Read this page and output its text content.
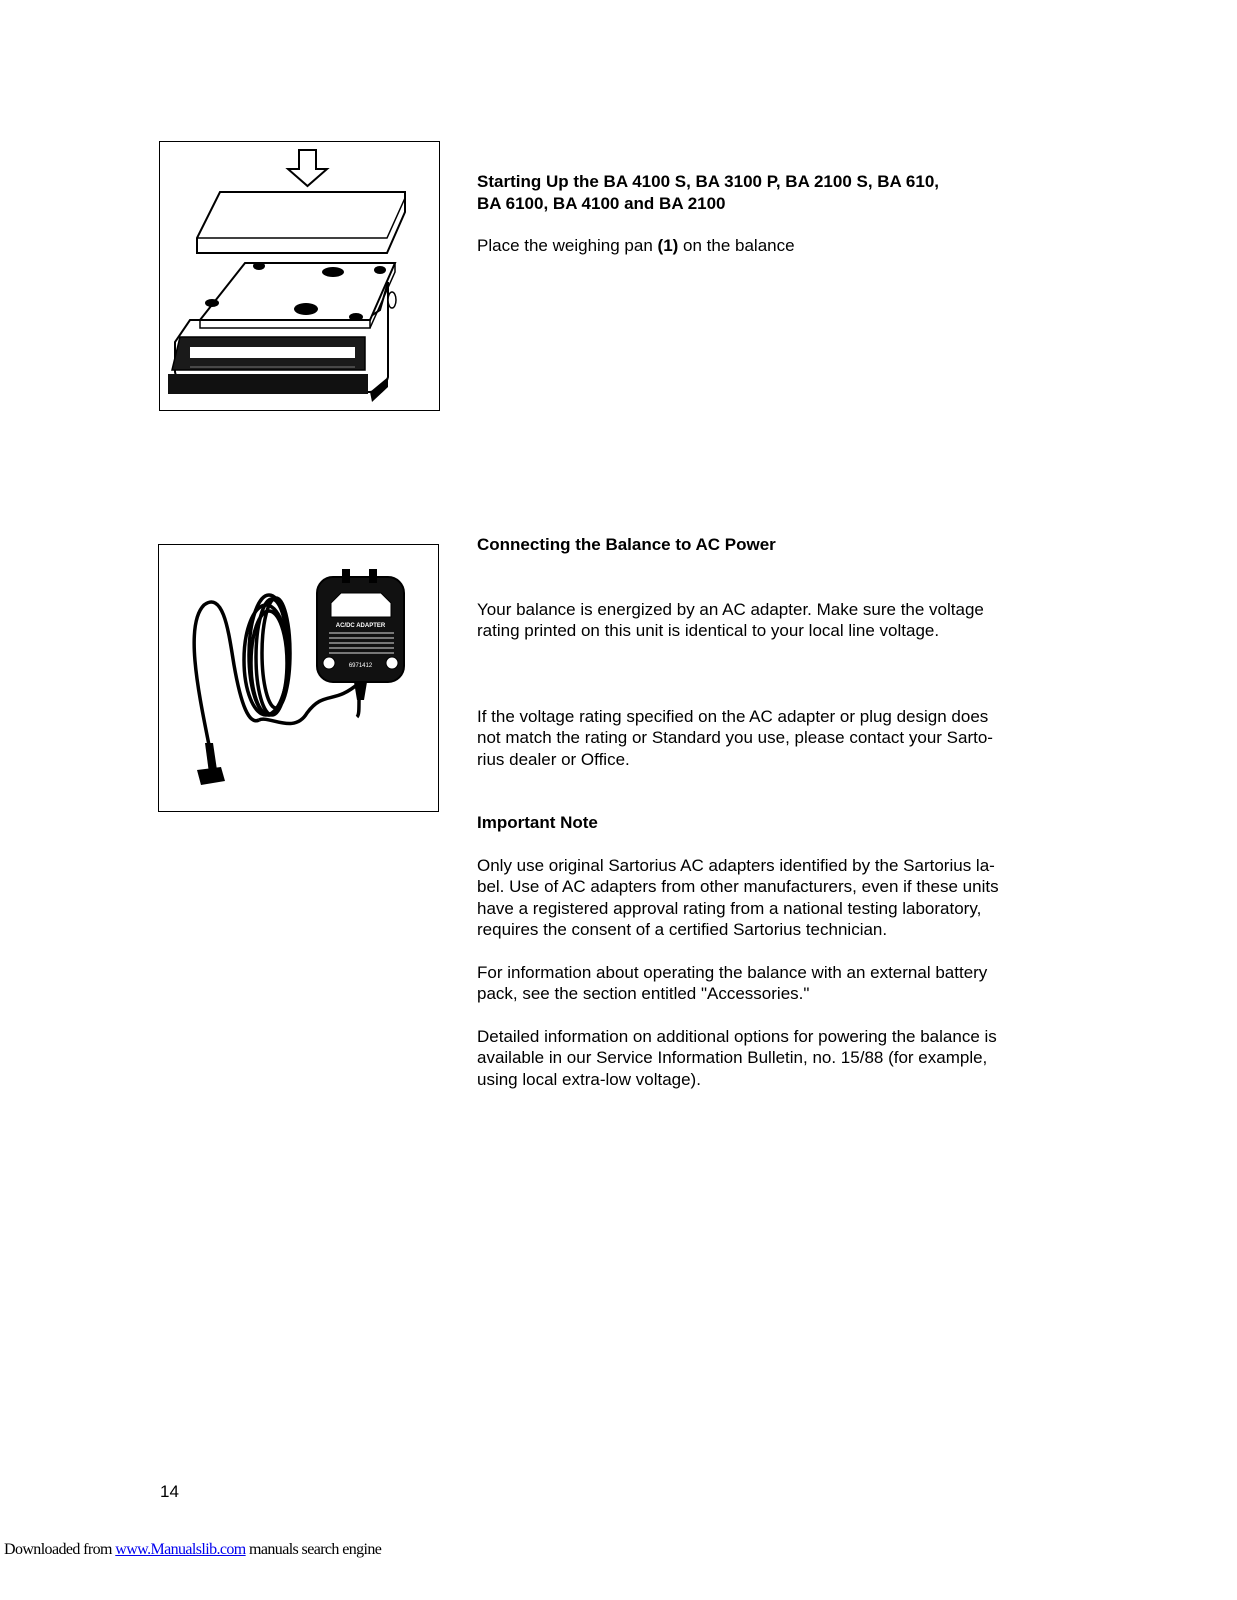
Starting Up the BA 4100 S, BA 3100 P, BA 2100 S, BA 610,
BA 6100, BA 4100 and BA 2100

Place the weighing pan (1) on the balance

AC/DC ADAPTER
6971412

Connecting the Balance to AC Power

Your balance is energized by an AC adapter. Make sure the voltage
rating printed on this unit is identical to your local line voltage.

If the voltage rating specified on the AC adapter or plug design does
not match the rating or Standard you use, please contact your Sarto-
rius dealer or Office.

Important Note

Only use original Sartorius AC adapters identified by the Sartorius la-
bel. Use of AC adapters from other manufacturers, even if these units
have a registered approval rating from a national testing laboratory,
requires the consent of a certified Sartorius technician.

For information about operating the balance with an external battery
pack, see the section entitled "Accessories."

Detailed information on additional options for powering the balance is
available in our Service Information Bulletin, no. 15/88 (for example,
using local extra-low voltage).

14
Downloaded from www.Manualslib.com manuals search engine
